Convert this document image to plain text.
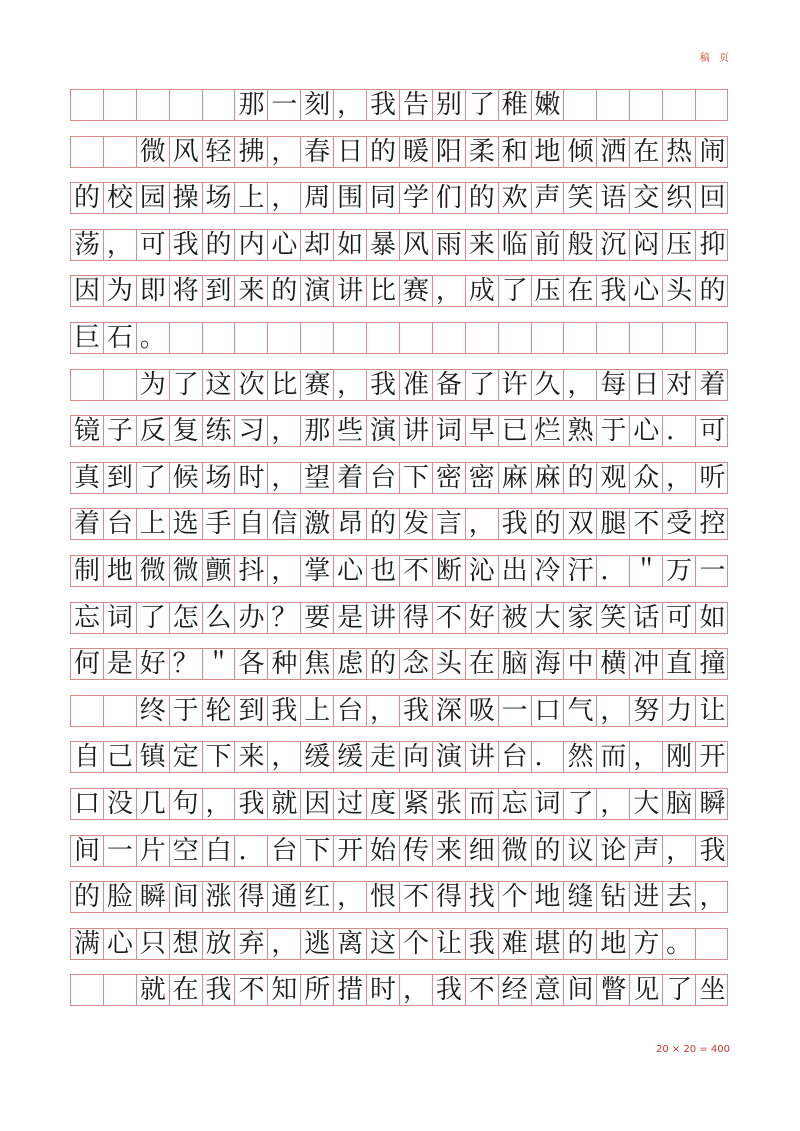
稿 页
那 一 刻 ， 我 告 别 了 稚 嫩
微 风 轻 拂 ， 春 日 的 暖 阳 柔 和 地 倾 洒 在 热 闹
的 校 园 操 场 上 ， 周 围 同 学 们 的 欢 声 笑 语 交 织 回
荡 ， 可 我 的 内 心 却 如 暴 风 雨 来 临 前 般 沉 闷 压 抑
因 为 即 将 到 来 的 演 讲 比 赛 ， 成 了 压 在 我 心 头 的
巨 石 。
为 了 这 次 比 赛 ， 我 准 备 了 许 久 ， 每 日 对 着
镜 子 反 复 练 习 ， 那 些 演 讲 词 早 已 烂 熟 于 心 ． 可
真 到 了 候 场 时 ， 望 着 台 下 密 密 麻 麻 的 观 众 ， 听
着 台 上 选 手 自 信 激 昂 的 发 言 ， 我 的 双 腿 不 受 控
制 地 微 微 颤 抖 ， 掌 心 也 不 断 沁 出 冷 汗 ． ＂ 万 一
忘 词 了 怎 么 办 ？ 要 是 讲 得 不 好 被 大 家 笑 话 可 如
何 是 好 ？ ＂ 各 种 焦 虑 的 念 头 在 脑 海 中 横 冲 直 撞
终 于 轮 到 我 上 台 ， 我 深 吸 一 口 气 ， 努 力 让
自 己 镇 定 下 来 ， 缓 缓 走 向 演 讲 台 ． 然 而 ， 刚 开
口 没 几 句 ， 我 就 因 过 度 紧 张 而 忘 词 了 ， 大 脑 瞬
间 一 片 空 白 ． 台 下 开 始 传 来 细 微 的 议 论 声 ， 我
的 脸 瞬 间 涨 得 通 红 ， 恨 不 得 找 个 地 缝 钻 进 去 ，
满 心 只 想 放 弃 ， 逃 离 这 个 让 我 难 堪 的 地 方 。
就 在 我 不 知 所 措 时 ， 我 不 经 意 间 瞥 见 了 坐
20 × 20 = 400
